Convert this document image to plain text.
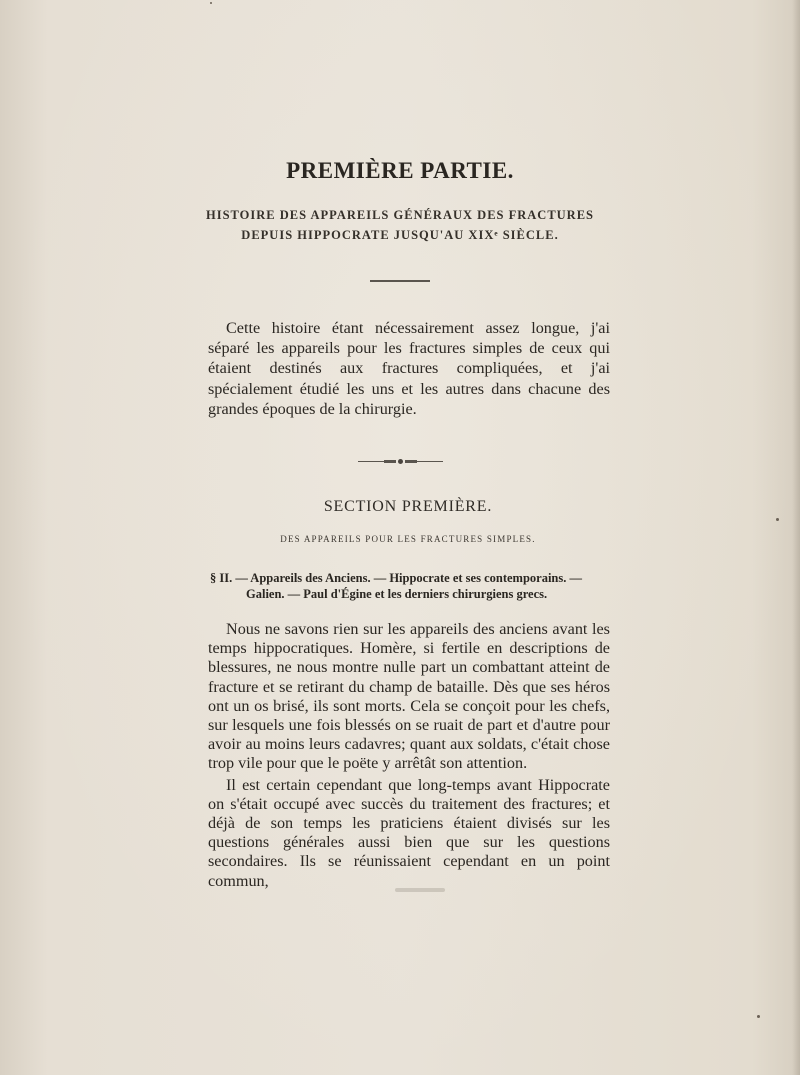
PREMIÈRE PARTIE.
HISTOIRE DES APPAREILS GÉNÉRAUX DES FRACTURES
DEPUIS HIPPOCRATE JUSQU'AU XIXᵉ SIÈCLE.

Cette histoire étant nécessairement assez longue, j'ai séparé les appareils pour les fractures simples de ceux qui étaient destinés aux fractures compliquées, et j'ai spécialement étudié les uns et les autres dans chacune des grandes époques de la chirurgie.

SECTION PREMIÈRE.
DES APPAREILS POUR LES FRACTURES SIMPLES.
§ II. — Appareils des Anciens. — Hippocrate et ses contemporains. —
Galien. — Paul d'Égine et les derniers chirurgiens grecs.

Nous ne savons rien sur les appareils des anciens avant les temps hippocratiques. Homère, si fertile en descriptions de blessures, ne nous montre nulle part un combattant atteint de fracture et se retirant du champ de bataille. Dès que ses héros ont un os brisé, ils sont morts. Cela se conçoit pour les chefs, sur lesquels une fois blessés on se ruait de part et d'autre pour avoir au moins leurs cadavres; quant aux soldats, c'était chose trop vile pour que le poëte y arrêtât son attention.

Il est certain cependant que long-temps avant Hippocrate on s'était occupé avec succès du traitement des fractures; et déjà de son temps les praticiens étaient divisés sur les questions générales aussi bien que sur les questions secondaires. Ils se réunissaient cependant en un point commun,
